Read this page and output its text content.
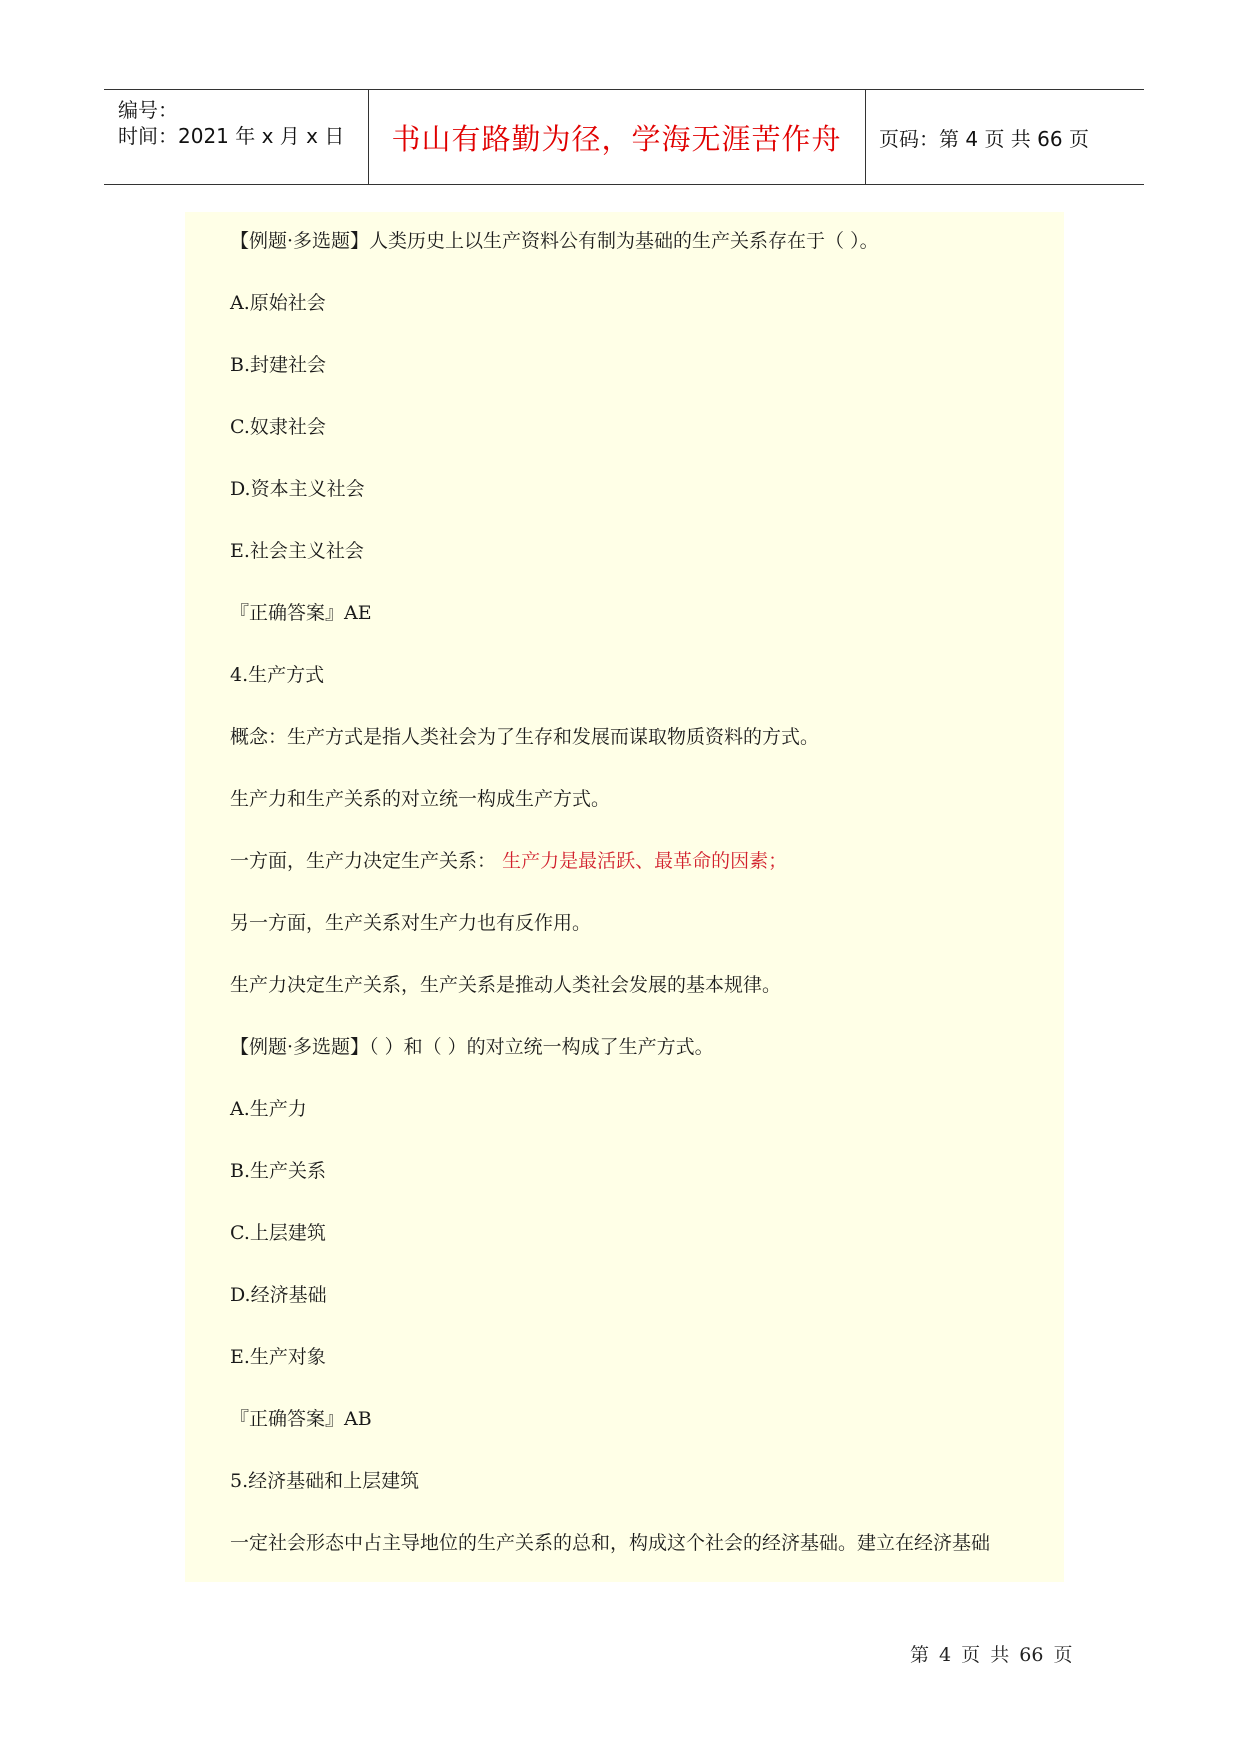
编号：
时间：2021 年 x 月 x 日	书山有路勤为径，学海无涯苦作舟	页码：第 4 页 共 66 页
【例题·多选题】人类历史上以生产资料公有制为基础的生产关系存在于（ ）。
A.原始社会
B.封建社会
C.奴隶社会
D.资本主义社会
E.社会主义社会
『正确答案』AE
4.生产方式
概念：生产方式是指人类社会为了生存和发展而谋取物质资料的方式。
生产力和生产关系的对立统一构成生产方式。
一方面，生产力决定生产关系： 生产力是最活跃、最革命的因素；
另一方面，生产关系对生产力也有反作用。
生产力决定生产关系，生产关系是推动人类社会发展的基本规律。
【例题·多选题】（ ）和（ ）的对立统一构成了生产方式。
A.生产力
B.生产关系
C.上层建筑
D.经济基础
E.生产对象
『正确答案』AB
5.经济基础和上层建筑
一定社会形态中占主导地位的生产关系的总和，构成这个社会的经济基础。建立在经济基础
第 4 页 共 66 页
